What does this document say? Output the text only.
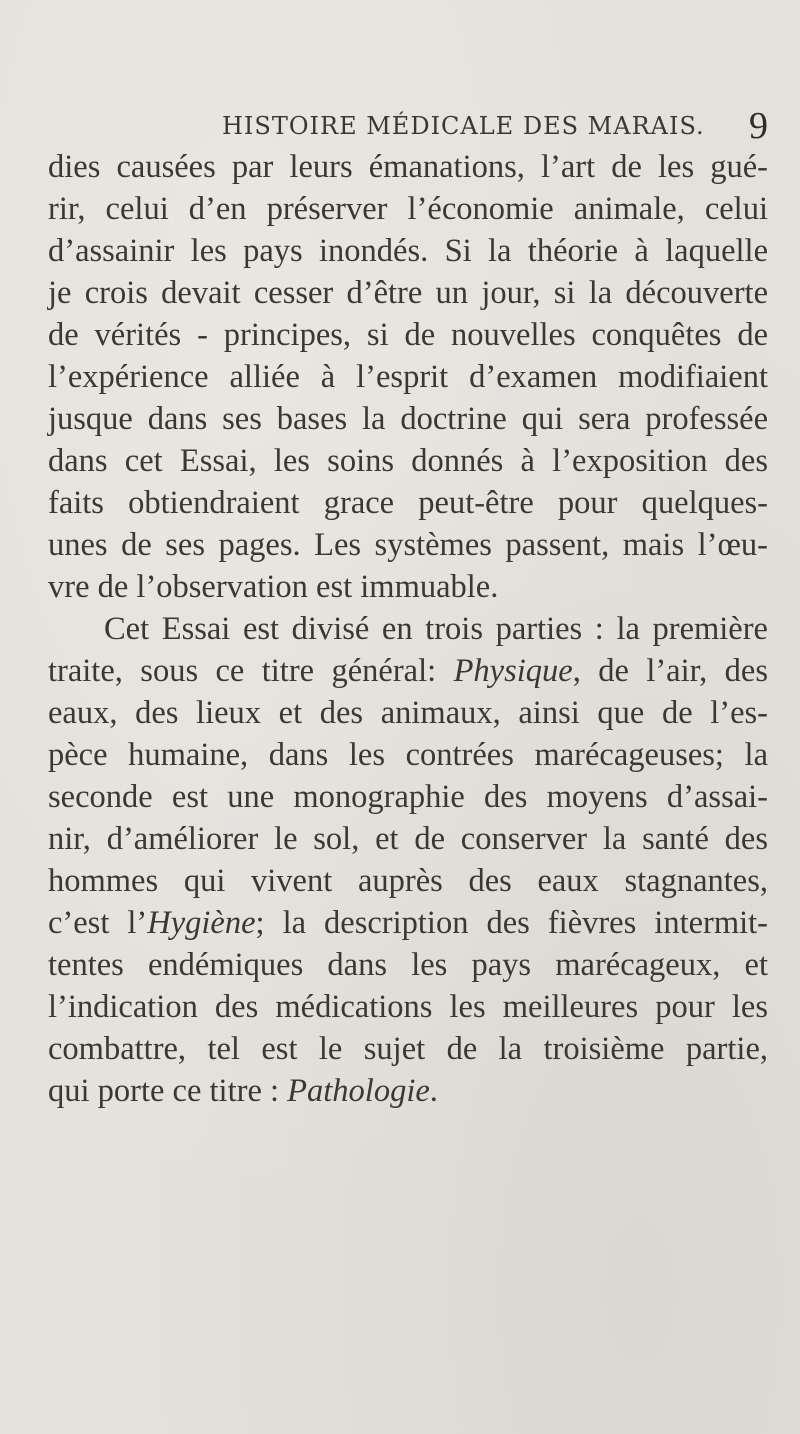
HISTOIRE MÉDICALE DES MARAIS. 9
dies causées par leurs émanations, l’art de les gué-
rir, celui d’en préserver l’économie animale, celui
d’assainir les pays inondés. Si la théorie à laquelle
je crois devait cesser d’être un jour, si la découverte
de vérités - principes, si de nouvelles conquêtes de
l’expérience alliée à l’esprit d’examen modifiaient
jusque dans ses bases la doctrine qui sera professée
dans cet Essai, les soins donnés à l’exposition des
faits obtiendraient grace peut-être pour quelques-
unes de ses pages. Les systèmes passent, mais l’œu-
vre de l’observation est immuable.
Cet Essai est divisé en trois parties : la première
traite, sous ce titre général: Physique, de l’air, des
eaux, des lieux et des animaux, ainsi que de l’es-
pèce humaine, dans les contrées marécageuses; la
seconde est une monographie des moyens d’assai-
nir, d’améliorer le sol, et de conserver la santé des
hommes qui vivent auprès des eaux stagnantes,
c’est l’Hygiène; la description des fièvres intermit-
tentes endémiques dans les pays marécageux, et
l’indication des médications les meilleures pour les
combattre, tel est le sujet de la troisième partie,
qui porte ce titre : Pathologie.
